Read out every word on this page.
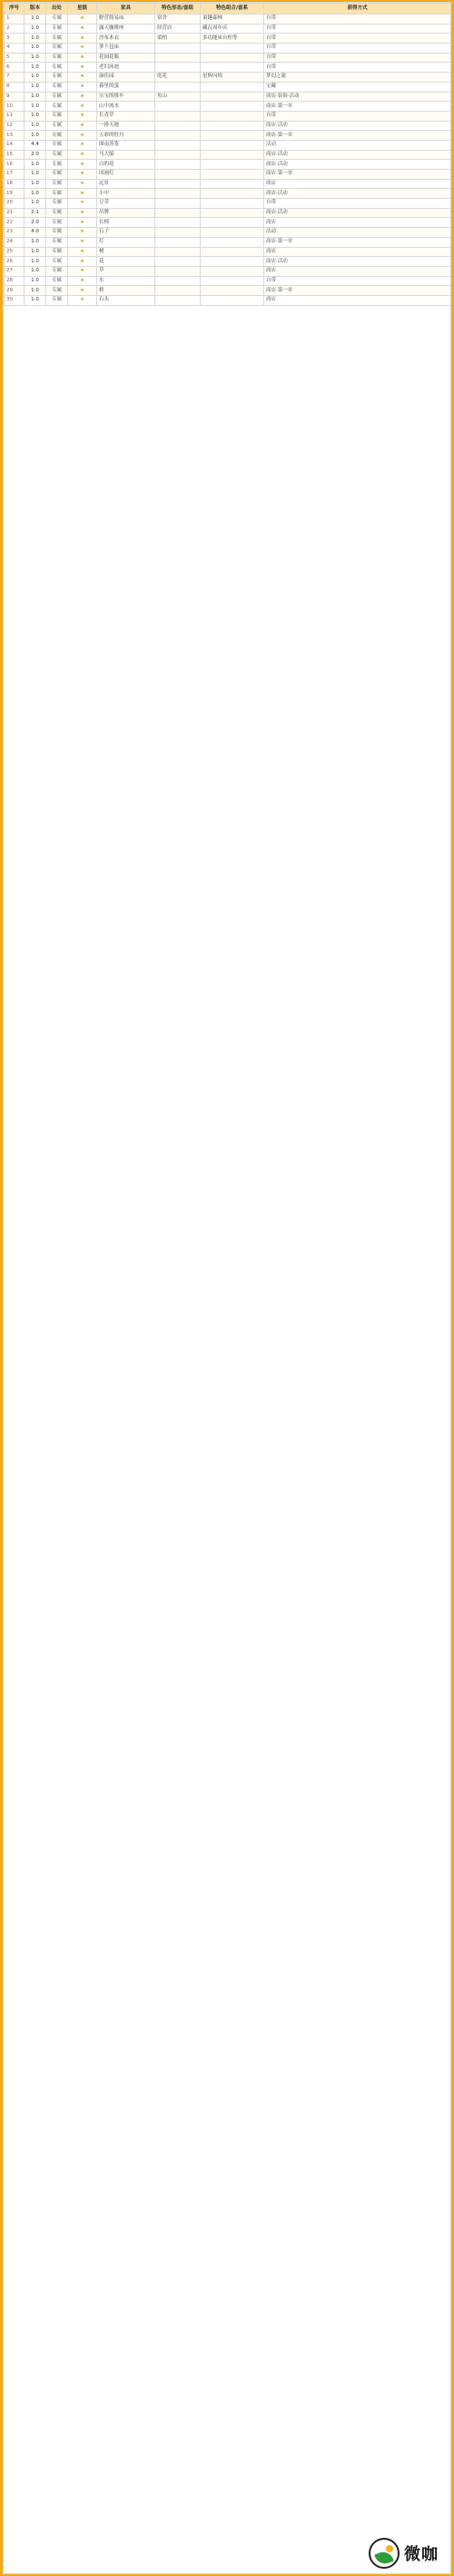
序号	版本	出处	星级	家具	特色形态/套组	特色组合/套系	获得方式
1	1.0	专属	★	野营简易床	宿舍	童趣森林	自带
2	1.0	专属	★	露天咖啡座	经营店	藏瓦周年庆	自带
3	1.0	专属	★	沙布木衣	梁柏	多功能床台柜等	自带
4	1.0	专属	★	萝卜包床			自带
5	1.0	专属	★	花园花瓶			自带
6	1.0	专属	★	老旧泳池			自带
7	1.0	专属	★	康佳园	庭花	星辉闪烁	梦幻之旅
8	1.0	专属	★	暮里的蛋			宝藏
9	1.0	专属	★	宝宝的推车	鱼山		商店·装饰·活动
10	1.0	专属	★	山中流水			商店·第一章
11	1.0	专属	★	长青草			自带
12	1.0	专属	★	一排天地			商店·活动
13	1.0	专属	★	五彩的牡丹			商店·第一章
14	4.4	专属	★	图南蒸笼			活动
15	2.0	专属	★	马大船			商店·活动
16	1.0	专属	★	白的花			商店·活动
17	1.0	专属	★	国画灯			商店·第一章
18	1.0	专属	★	远景			商店
19	1.0	专属	★	小中			商店·活动
20	1.0	专属	★	豆芽			自带
21	2.1	专属	★	吊牌			商店·活动
22	2.0	专属	★	长椅			商店
23	4.0	专属	★	石子			活动
24	1.0	专属	★	灯			商店·第一章
25	1.0	专属	★	树			商店
26	1.0	专属	★	花			商店·活动
27	1.0	专属	★	草			商店
28	1.0	专属	★	水			自带
29	1.0	专属	★	桥			商店·第一章
30	1.0	专属	★	石头			商店
微咖
